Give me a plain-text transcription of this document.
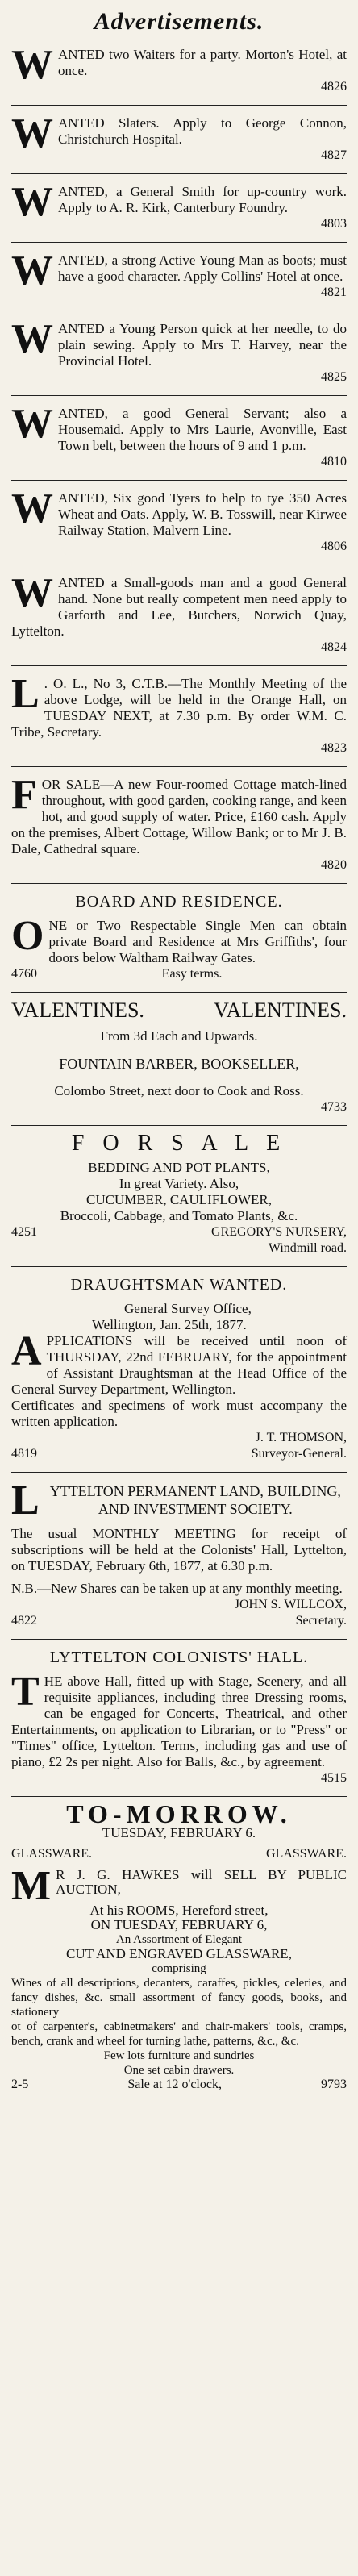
Advertisements.
W ANTED two Waiters for a party. Morton's Hotel, at once.
4826
W ANTED Slaters. Apply to George Connon, Christchurch Hospital.
4827
W ANTED, a General Smith for up-country work. Apply to A. R. Kirk, Canterbury Foundry.
4803
W ANTED, a strong Active Young Man as boots; must have a good character. Apply Collins' Hotel at once.
4821
W ANTED a Young Person quick at her needle, to do plain sewing. Apply to Mrs T. Harvey, near the Provincial Hotel.
4825
W ANTED, a good General Servant; also a Housemaid. Apply to Mrs Laurie, Avonville, East Town belt, between the hours of 9 and 1 p.m.
4810
W ANTED, Six good Tyers to help to tye 350 Acres Wheat and Oats. Apply, W. B. Tosswill, near Kirwee Railway Station, Malvern Line.
4806
W ANTED a Small-goods man and a good General hand. None but really competent men need apply to Garforth and Lee, Butchers, Norwich Quay, Lyttelton.
4824
L . O. L., No 3, C.T.B.—The Monthly Meeting of the above Lodge, will be held in the Orange Hall, on TUESDAY NEXT, at 7.30 p.m. By order W.M. C. Tribe, Secretary.
4823
F OR SALE—A new Four-roomed Cottage match-lined throughout, with good garden, cooking range, and keen hot, and good supply of water. Price, £160 cash. Apply on the premises, Albert Cottage, Willow Bank; or to Mr J. B. Dale, Cathedral square.
4820
BOARD AND RESIDENCE.
O NE or Two Respectable Single Men can obtain private Board and Residence at Mrs Griffiths', four doors below Waltham Railway Gates.
4760	Easy terms.
VALENTINES.	VALENTINES.

From 3d Each and Upwards.

FOUNTAIN BARBER, BOOKSELLER,

Colombo Street, next door to Cook and Ross.

4733
F O R S A L E

BEDDING AND POT PLANTS,

In great Variety. Also,

CUCUMBER, CAULIFLOWER,

Broccoli, Cabbage, and Tomato Plants, &c.

4251	GREGORY'S NURSERY,
Windmill road.
DRAUGHTSMAN WANTED.

General Survey Office,

Wellington, Jan. 25th, 1877.

A PPLICATIONS will be received until noon of THURSDAY, 22nd FEBRUARY, for the appointment of Assistant Draughtsman at the Head Office of the General Survey Department, Wellington.
Certificates and specimens of work must accompany the written application.
J. T. THOMSON,
4819	Surveyor-General.
L YTTELTON PERMANENT LAND, BUILDING, AND INVESTMENT SOCIETY.
The usual MONTHLY MEETING for receipt of subscriptions will be held at the Colonists' Hall, Lyttelton, on TUESDAY, February 6th, 1877, at 6.30 p.m.
N.B.—New Shares can be taken up at any monthly meeting.
JOHN S. WILLCOX,
4822	Secretary.
LYTTELTON COLONISTS' HALL.
T HE above Hall, fitted up with Stage, Scenery, and all requisite appliances, including three Dressing rooms, can be engaged for Concerts, Theatrical, and other Entertainments, on application to Librarian, or to "Press" or "Times" office, Lyttelton. Terms, including gas and use of piano, £2 2s per night. Also for Balls, &c., by agreement.
4515
TO-MORROW.

TUESDAY, FEBRUARY 6.

GLASSWARE.	GLASSWARE.
M R J. G. HAWKES will SELL BY PUBLIC AUCTION,

At his ROOMS, Hereford street,

ON TUESDAY, FEBRUARY 6,

An Assortment of Elegant

CUT AND ENGRAVED GLASSWARE,

comprising

Wines of all descriptions, decanters, caraffes, pickles, celeries, and fancy dishes, &c. small assortment of fancy goods, books, and stationery
ot of carpenter's, cabinetmakers' and chair-makers' tools, cramps, bench, crank and wheel for turning lathe, patterns, &c., &c.

Few lots furniture and sundries

One set cabin drawers.

2-5	Sale at 12 o'clock,	9793
